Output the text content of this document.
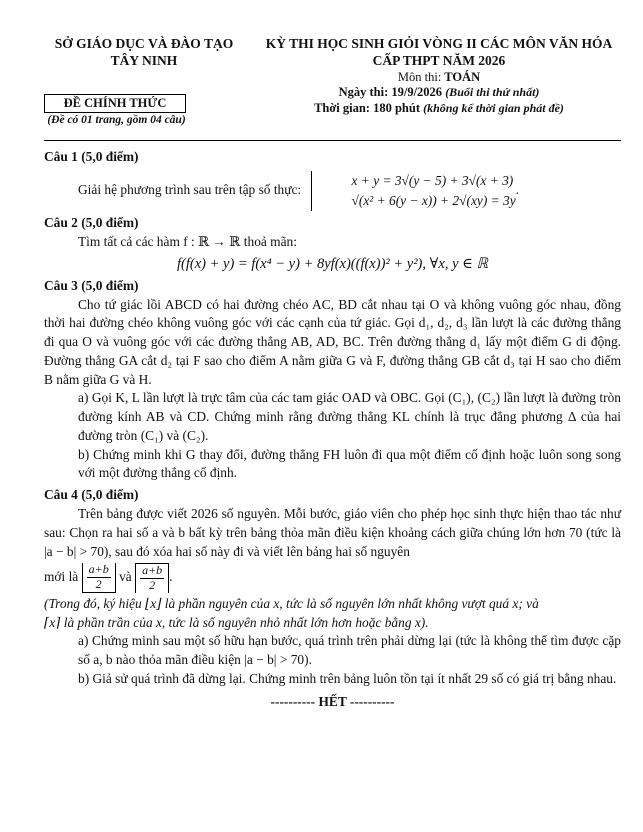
SỞ GIÁO DỤC VÀ ĐÀO TẠO
TÂY NINH
ĐỀ CHÍNH THỨC
(Đề có 01 trang, gồm 04 câu)
KỲ THI HỌC SINH GIỎI VÒNG II CÁC MÔN VĂN HÓA
CẤP THPT NĂM 2026
Môn thi: TOÁN
Ngày thi: 19/9/2026 (Buổi thi thứ nhất)
Thời gian: 180 phút (không kể thời gian phát đề)

Câu 1 (5,0 điểm)

Giải hệ phương trình sau trên tập số thực:
x + y = 3√(y − 5) + 3√(x + 3)
√(x² + 6(y − x)) + 2√(xy) = 3y
.

Câu 2 (5,0 điểm)

Tìm tất cả các hàm f : ℝ → ℝ thoả mãn:

f(f(x) + y) = f(x⁴ − y) + 8yf(x)((f(x))² + y²), ∀x, y ∈ ℝ

Câu 3 (5,0 điểm)

Cho tứ giác lồi ABCD có hai đường chéo AC, BD cắt nhau tại O và không vuông góc nhau, đồng thời hai đường chéo không vuông góc với các cạnh của tứ giác. Gọi d₁, d₂, d₃ lần lượt là các đường thẳng đi qua O và vuông góc với các đường thẳng AB, AD, BC. Trên đường thẳng d₁ lấy một điểm G di động. Đường thẳng GA cắt d₂ tại F sao cho điểm A nằm giữa G và F, đường thẳng GB cắt d₃ tại H sao cho điểm B nằm giữa G và H.

a) Gọi K, L lần lượt là trực tâm của các tam giác OAD và OBC. Gọi (C₁), (C₂) lần lượt là đường tròn đường kính AB và CD. Chứng minh rằng đường thẳng KL chính là trục đẳng phương Δ của hai đường tròn (C₁) và (C₂).

b) Chứng minh khi G thay đổi, đường thẳng FH luôn đi qua một điểm cố định hoặc luôn song song với một đường thẳng cố định.

Câu 4 (5,0 điểm)

Trên bảng được viết 2026 số nguyên. Mỗi bước, giáo viên cho phép học sinh thực hiện thao tác như sau: Chọn ra hai số a và b bất kỳ trên bảng thỏa mãn điều kiện khoảng cách giữa chúng lớn hơn 70 (tức là |a − b| > 70), sau đó xóa hai số này đi và viết lên bảng hai số nguyên

mới là $\frac{a+b}{2}$ và $\frac{a+b}{2}$ .

(Trong đó, ký hiệu ⌊x⌋ là phần nguyên của x, tức là số nguyên lớn nhất không vượt quá x; và

⌈x⌉ là phần trần của x, tức là số nguyên nhỏ nhất lớn hơn hoặc bằng x).

a) Chứng minh sau một số hữu hạn bước, quá trình trên phải dừng lại (tức là không thể tìm được cặp số a, b nào thỏa mãn điều kiện |a − b| > 70).

b) Giả sử quá trình đã dừng lại. Chứng minh trên bảng luôn tồn tại ít nhất 29 số có giá trị bằng nhau.

---------- HẾT ----------
